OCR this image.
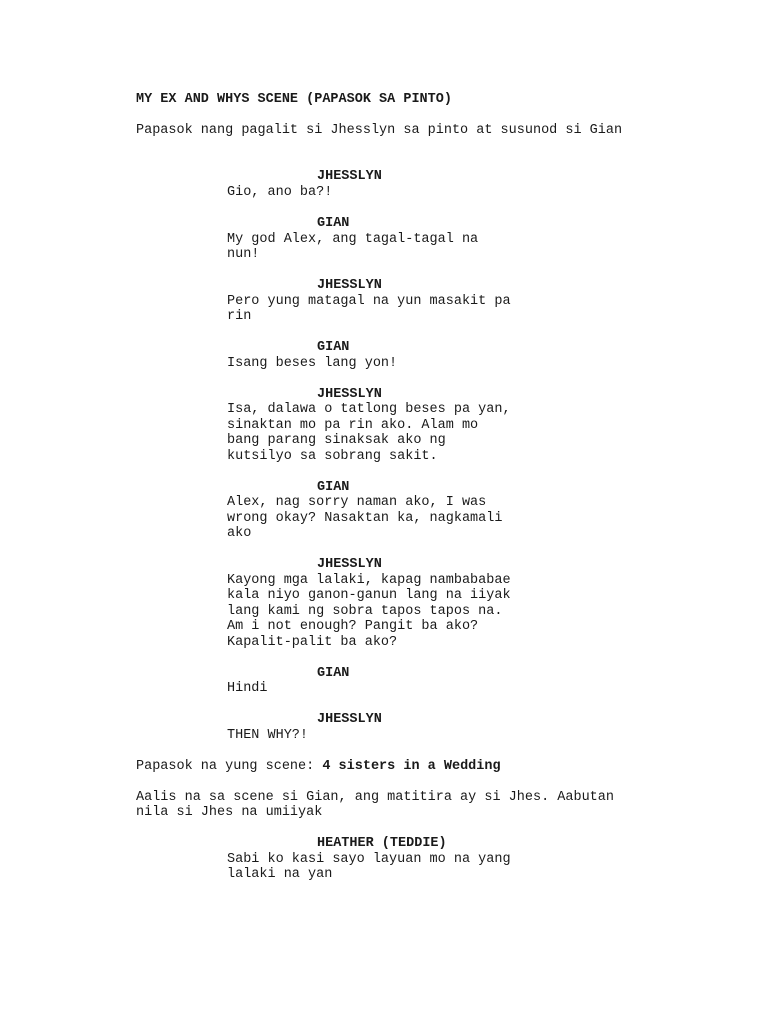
MY EX AND WHYS SCENE (PAPASOK SA PINTO)
Papasok nang pagalit si Jhesslyn sa pinto at susunod si Gian
JHESSLYN
Gio, ano ba?!
GIAN
My god Alex, ang tagal-tagal na
nun!
JHESSLYN
Pero yung matagal na yun masakit pa
rin
GIAN
Isang beses lang yon!
JHESSLYN
Isa, dalawa o tatlong beses pa yan,
sinaktan mo pa rin ako. Alam mo
bang parang sinaksak ako ng
kutsilyo sa sobrang sakit.
GIAN
Alex, nag sorry naman ako, I was
wrong okay? Nasaktan ka, nagkamali
ako
JHESSLYN
Kayong mga lalaki, kapag nambababae
kala niyo ganon-ganun lang na iiyak
lang kami ng sobra tapos tapos na.
Am i not enough? Pangit ba ako?
Kapalit-palit ba ako?
GIAN
Hindi
JHESSLYN
THEN WHY?!
Papasok na yung scene: 4 sisters in a Wedding
Aalis na sa scene si Gian, ang matitira ay si Jhes. Aabutan
nila si Jhes na umiiyak
HEATHER (TEDDIE)
Sabi ko kasi sayo layuan mo na yang
lalaki na yan
